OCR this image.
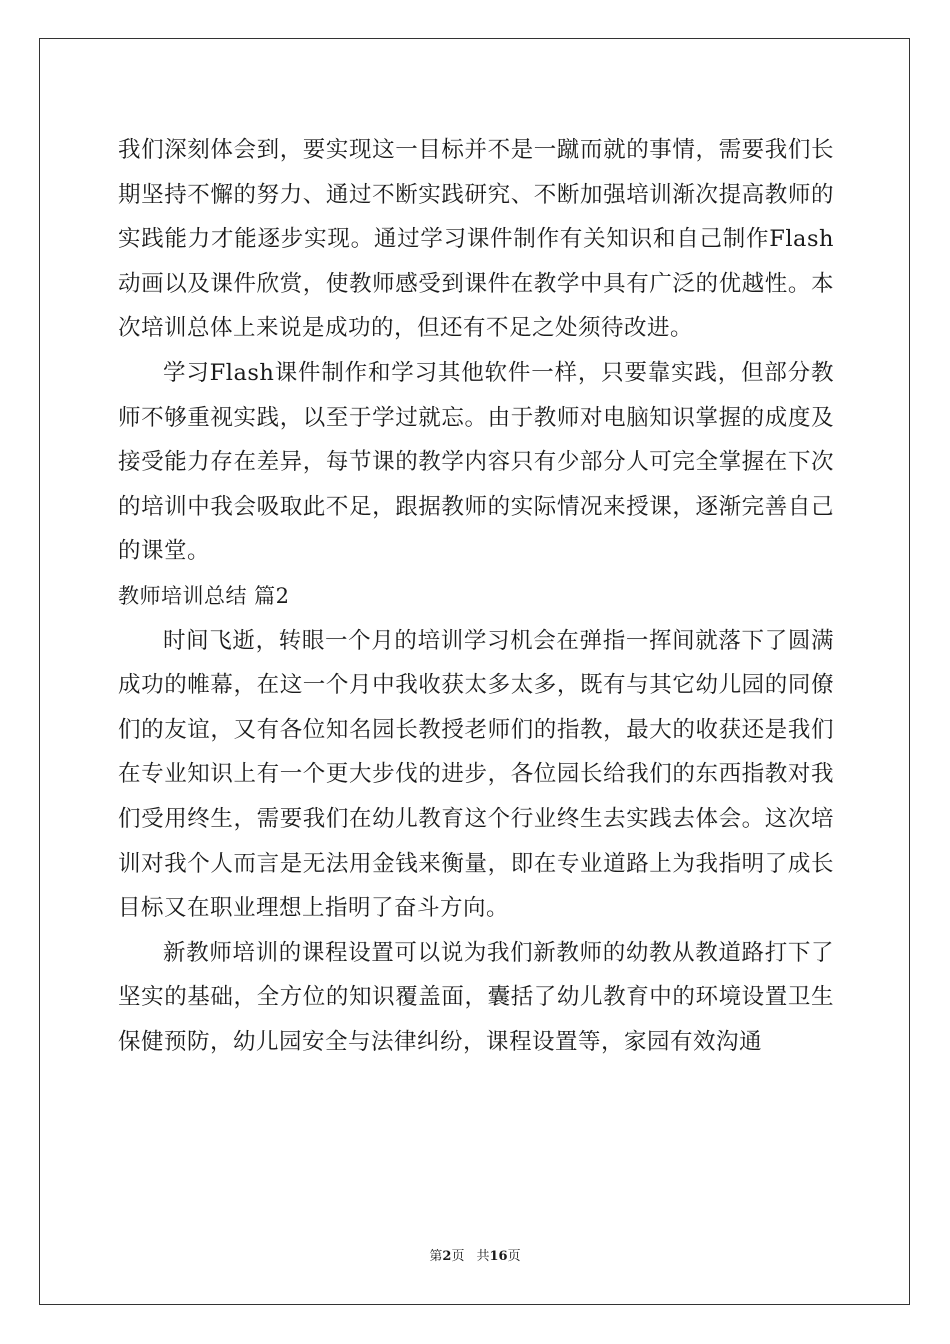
我们深刻体会到，要实现这一目标并不是一蹴而就的事情，需要我们长期坚持不懈的努力、通过不断实践研究、不断加强培训渐次提高教师的实践能力才能逐步实现。通过学习课件制作有关知识和自己制作Flash动画以及课件欣赏，使教师感受到课件在教学中具有广泛的优越性。本次培训总体上来说是成功的，但还有不足之处须待改进。

学习Flash课件制作和学习其他软件一样，只要靠实践，但部分教师不够重视实践，以至于学过就忘。由于教师对电脑知识掌握的成度及接受能力存在差异，每节课的教学内容只有少部分人可完全掌握在下次的培训中我会吸取此不足，跟据教师的实际情况来授课，逐渐完善自己的课堂。

教师培训总结 篇2

时间飞逝，转眼一个月的培训学习机会在弹指一挥间就落下了圆满成功的帷幕，在这一个月中我收获太多太多，既有与其它幼儿园的同僚们的友谊，又有各位知名园长教授老师们的指教，最大的收获还是我们在专业知识上有一个更大步伐的进步，各位园长给我们的东西指教对我们受用终生，需要我们在幼儿教育这个行业终生去实践去体会。这次培训对我个人而言是无法用金钱来衡量，即在专业道路上为我指明了成长目标又在职业理想上指明了奋斗方向。

新教师培训的课程设置可以说为我们新教师的幼教从教道路打下了坚实的基础，全方位的知识覆盖面，囊括了幼儿教育中的环境设置卫生保健预防，幼儿园安全与法律纠纷，课程设置等，家园有效沟通

第2页 共16页
